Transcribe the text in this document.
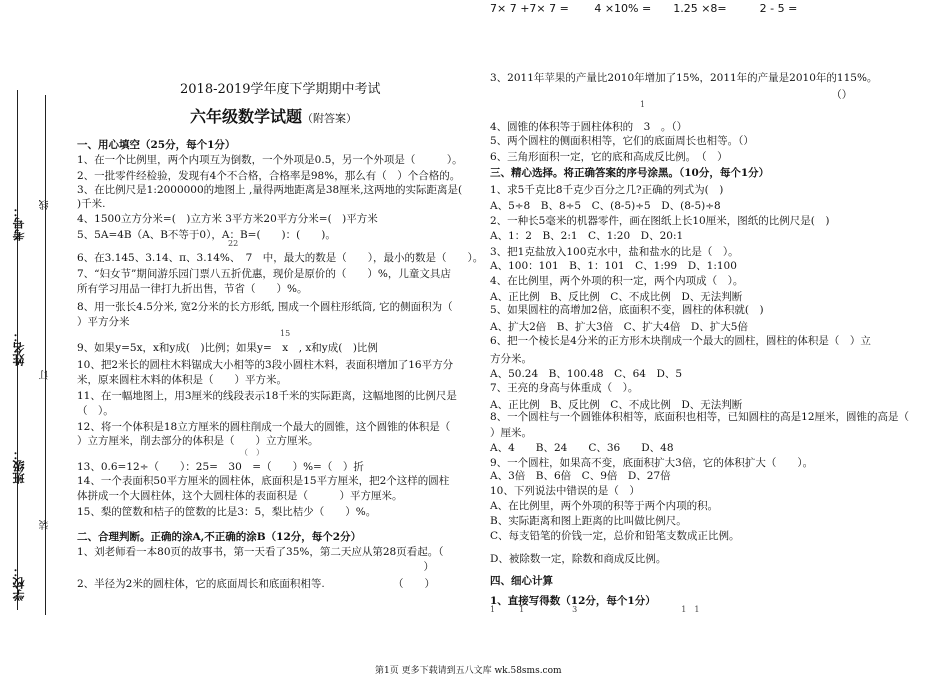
考号：
姓名：
班级：
学校：
线
订
装
2018-2019学年度下学期期中考试
六年级数学试题（附答案）
一、用心填空（25分，每个1分）
1、在一个比例里，两个内项互为倒数，一个外项是0.5，另一个外项是（　　　）。
2、一批零件经检验，发现有4个不合格，合格率是98%，那么有（　）个合格的。
3、在比例尺是1:2000000的地图上 ,量得两地距离是38厘米,这两地的实际距离是(
)千米.
4、1500立方分米=(　)立方米 3平方米20平方分米=(　)平方米
5、5A=4B（A、B不等于0），A：B=(　　)：(　　)。
22
6、在3.145、3.14、π、3.14%、　7　中，最大的数是（　　），最小的数是（　　）。
7、“妇女节”期间游乐园门票八五折优惠，现价是原价的（　　）%，儿童文具店
所有学习用品一律打九折出售，节省（　　）%。
8、用一张长4.5分米, 宽2分米的长方形纸, 围成一个圆柱形纸筒, 它的侧面积为（
）平方分米
15
9、如果y=5x，x和y成(　)比例；如果y=　x　, x和y成(　)比例
10、把2米长的圆柱木料锯成大小相等的3段小圆柱木料，表面积增加了16平方分
米，原来圆柱木料的体积是（　　）平方米。
11、在一幅地图上，用3厘米的线段表示18千米的实际距离，这幅地图的比例尺是
（　）。
12、将一个体积是18立方厘米的圆柱削成一个最大的圆锥，这个圆锥的体积是（
）立方厘米，削去部分的体积是（　　）立方厘米。
（　）
13、0.6=12÷（　　）：25=　30　=（　　）%=（　）折
14、一个表面积50平方厘米的圆柱体，底面积是15平方厘米，把2个这样的圆柱
体拼成一个大圆柱体，这个大圆柱体的表面积是（　　　）平方厘米。
15、梨的筐数和桔子的筐数的比是3：5，梨比桔少（　　）%。
二、合理判断。正确的涂A,不正确的涂B（12分，每个2分）
1、刘老师看一本80页的故事书，第一天看了35%，第二天应从第28页看起。（
　　　　　　　　　　　　　　　　　　　　　　　　　　　　　　　　　）
2、半径为2米的圆柱体，它的底面周长和底面积相等.　　　　　　　（　　）
3、2011年苹果的产量比2010年增加了15%，2011年的产量是2010年的115%。
　　　　　　　　　　　　　　　　　　　　　　　　　　　　　　　　　（）
1
4、圆锥的体积等于圆柱体积的　3　。（）
5、两个圆柱的侧面积相等，它们的底面周长也相等。（）
6、三角形面积一定，它的底和高成反比例。　（　）
三、精心选择。将正确答案的序号涂黑。（10分，每个1分）
1、求5千克比8千克少百分之几?正确的列式为(　)
A、5÷8　B、8÷5　C、(8-5)÷5　D、(8-5)÷8
2、一种长5毫米的机器零件，画在图纸上长10厘米，图纸的比例尺是(　)
A、1：2　B、2:1　C、1:20　D、20:1
3、把1克盐放入100克水中，盐和盐水的比是（　）。
A、100：101　B、1：101　C、1:99　D、1:100
4、在比例里，两个外项的积一定，两个内项成（　）。
A、正比例　B、反比例　C、不成比例　D、无法判断
5、如果圆柱的高增加2倍，底面积不变，圆柱的体积就(　)
A、扩大2倍　B、扩大3倍　C、扩大4倍　D、扩大5倍
6、把一个棱长是4分米的正方形木块削成一个最大的圆柱，圆柱的体积是（　）立
方分米。
A、50.24　B、100.48　C、64　D、5
7、王亮的身高与体重成（　）。
A、正比例　B、反比例　C、不成比例　D、无法判断
8、一个圆柱与一个圆锥体积相等，底面积也相等，已知圆柱的高是12厘米，圆锥的高是（
）厘米。
A、4　　B、24　　C、36　　D、48
9、一个圆柱，如果高不变，底面积扩大3倍，它的体积扩大（　　）。
A、3倍　B、6倍　C、9倍　D、27倍
10、下列说法中错误的是（　）
A、在比例里，两个外项的积等于两个内项的积。
B、实际距离和图上距离的比叫做比例尺。
C、每支铅笔的价钱一定，总价和铅笔支数成正比例。
D、被除数一定，除数和商成反比例。
四、细心计算
1、直接写得数（12分，每个1分）
1　　　1　　　　　　3　　　　　　　　　　　　　1　1
7× 7 +7× 7 =　　 4 ×10% =　　1.25 ×8=　　　2 - 5 =
第1页 更多下载请到五八文库 wk.58sms.com
